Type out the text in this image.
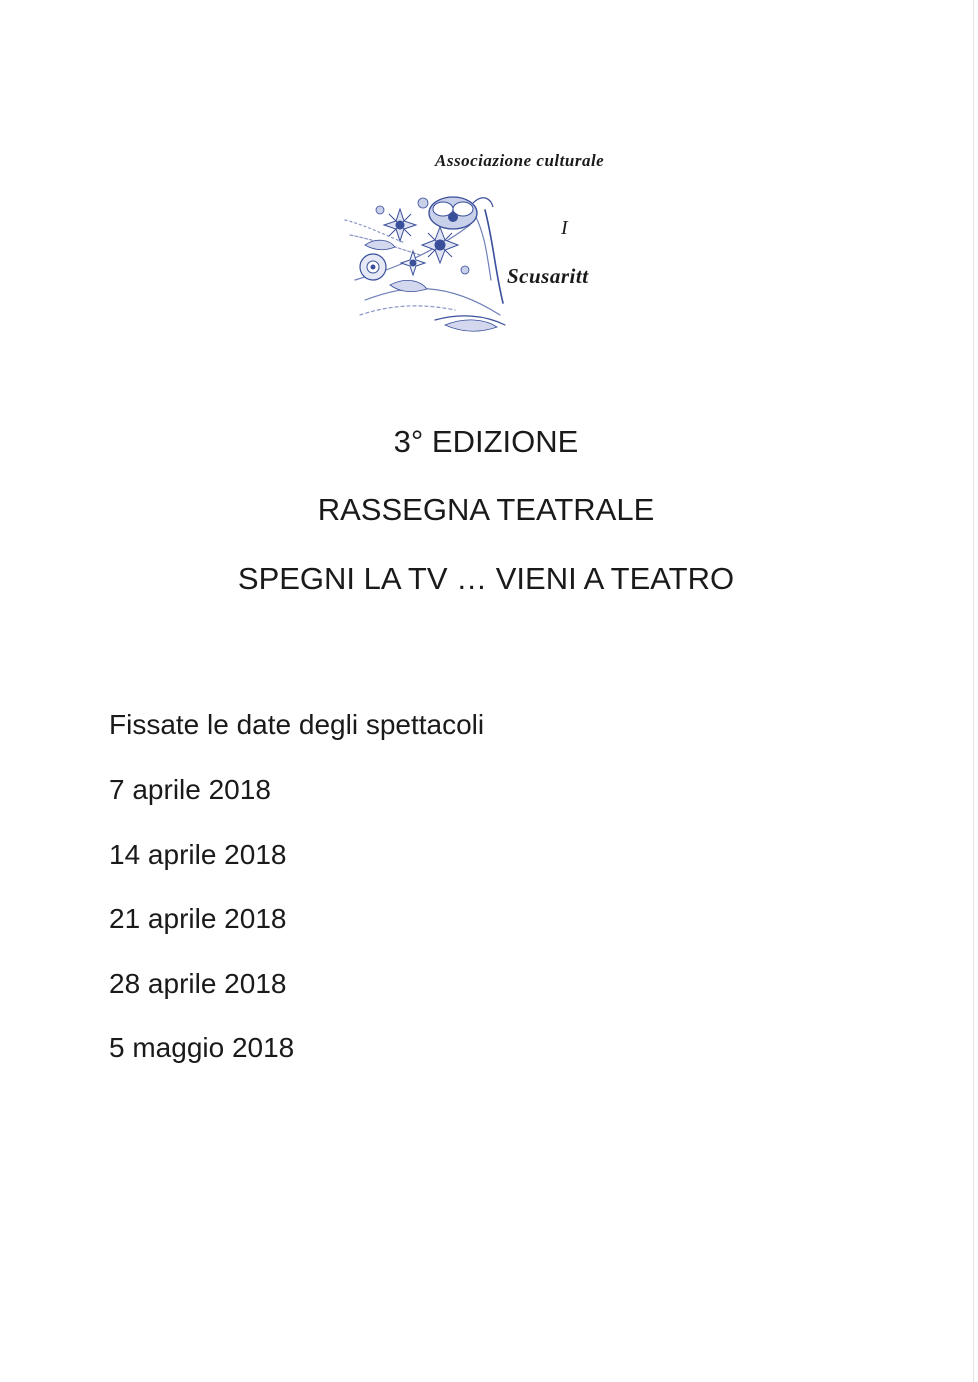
Associazione culturale
I
Scusaritt
3° EDIZIONE
RASSEGNA TEATRALE
SPEGNI LA TV … VIENI A TEATRO
Fissate le date degli spettacoli
7 aprile 2018
14 aprile 2018
21 aprile 2018
28 aprile 2018
5 maggio 2018
